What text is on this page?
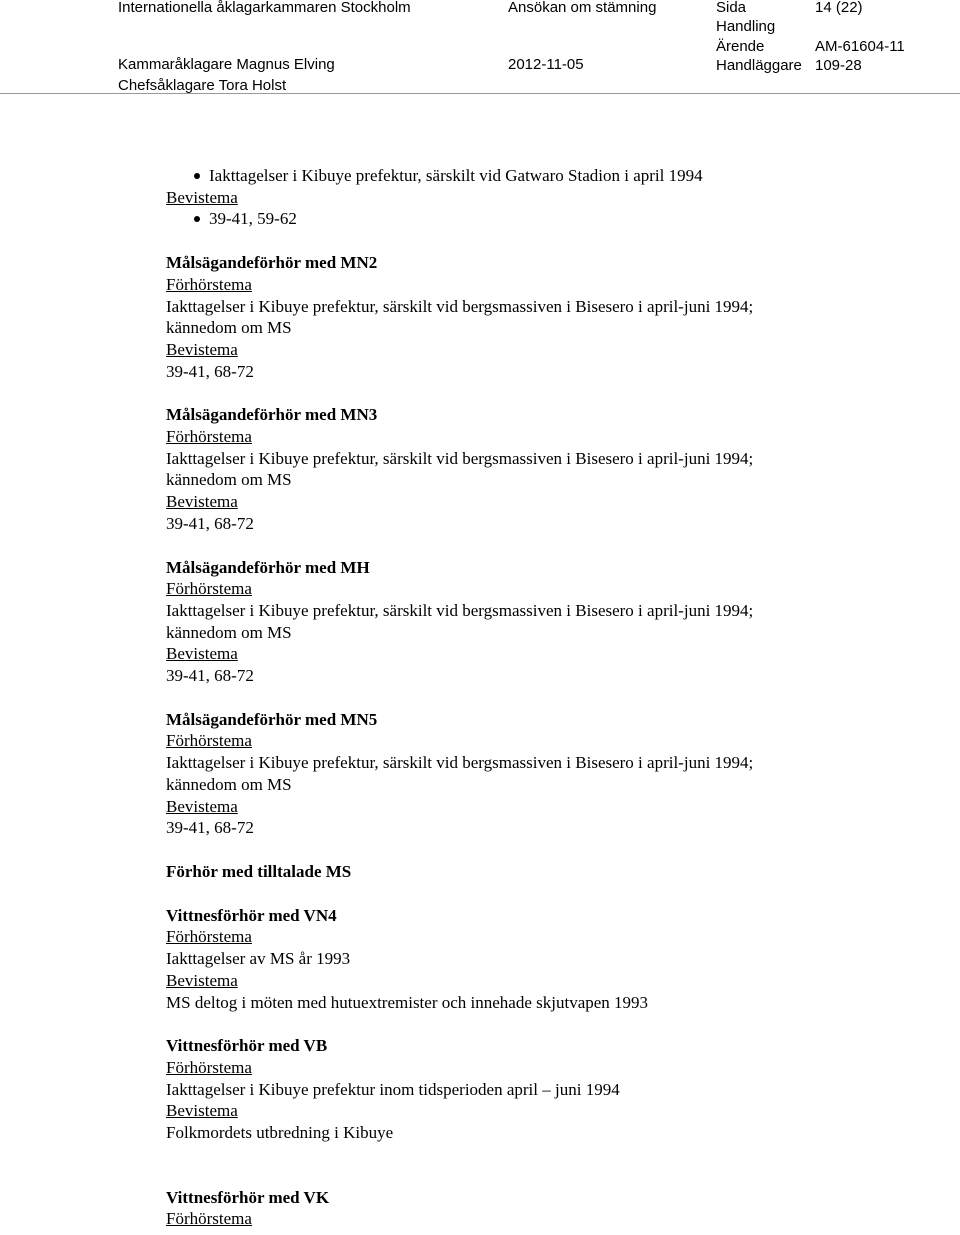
Internationella åklagarkammaren Stockholm	Ansökan om stämning	Sida	14 (22)
Handling
Kammaråklagare Magnus Elving
Chefsåklagare Tora Holst
2012-11-05
Ärende	AM-61604-11
Handläggare 109-28
Iakttagelser i Kibuye prefektur, särskilt vid Gatwaro Stadion i april 1994
Bevistema
39-41, 59-62
Målsägandeförhör med MN2
Förhörstema
Iakttagelser i Kibuye prefektur, särskilt vid bergsmassiven i Bisesero i april-juni 1994;
kännedom om MS
Bevistema
39-41, 68-72
Målsägandeförhör med MN3
Förhörstema
Iakttagelser i Kibuye prefektur, särskilt vid bergsmassiven i Bisesero i april-juni 1994;
kännedom om MS
Bevistema
39-41, 68-72
Målsägandeförhör med MH
Förhörstema
Iakttagelser i Kibuye prefektur, särskilt vid bergsmassiven i Bisesero i april-juni 1994;
kännedom om MS
Bevistema
39-41, 68-72
Målsägandeförhör med MN5
Förhörstema
Iakttagelser i Kibuye prefektur, särskilt vid bergsmassiven i Bisesero i april-juni 1994;
kännedom om MS
Bevistema
39-41, 68-72
Förhör med tilltalade MS
Vittnesförhör med VN4
Förhörstema
Iakttagelser av MS år 1993
Bevistema
MS deltog i möten med hutuextremister och innehade skjutvapen 1993
Vittnesförhör med VB
Förhörstema
Iakttagelser i Kibuye prefektur inom tidsperioden april – juni 1994
Bevistema
Folkmordets utbredning i Kibuye
Vittnesförhör med VK
Förhörstema
